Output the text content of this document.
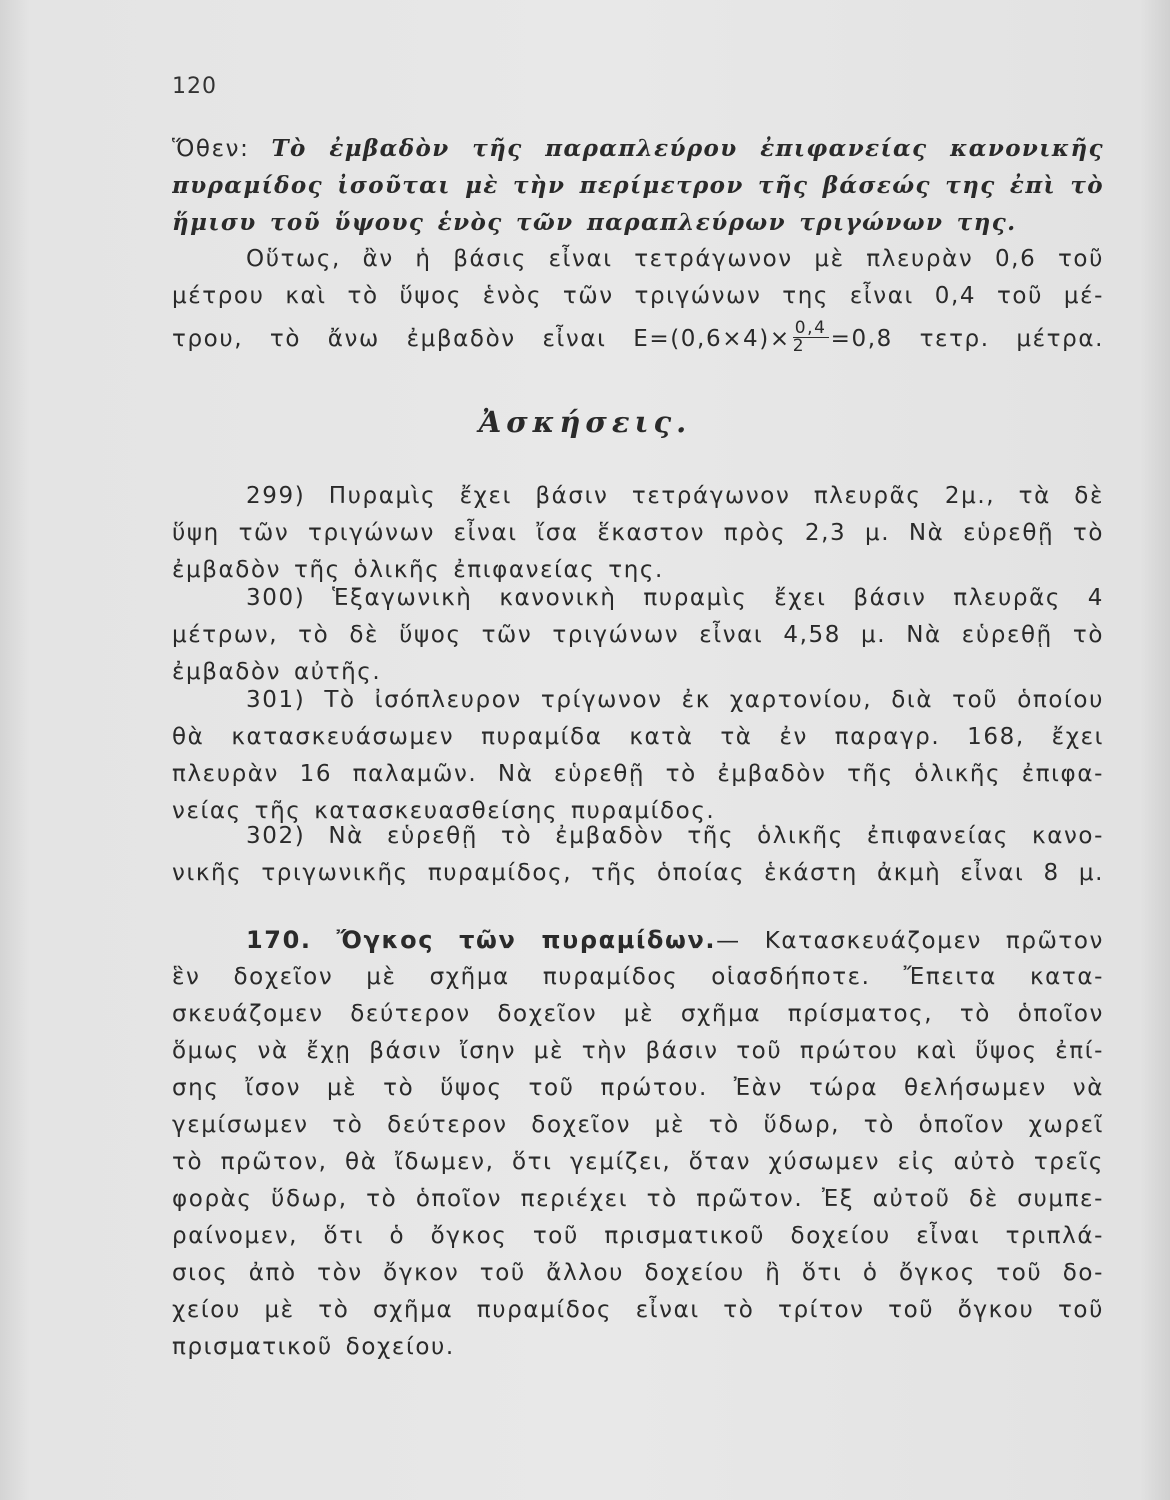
120
Ὅθεν: Τὸ ἐμβαδὸν τῆς παραπλεύρου ἐπιφανείας κανονικῆς
πυραμίδος ἰσοῦται μὲ τὴν περίμετρον τῆς βάσεώς της ἐπὶ τὸ
ἥμισυ τοῦ ὕψους ἑνὸς τῶν παραπλεύρων τριγώνων της.
Οὕτως, ἂν ἡ βάσις εἶναι τετράγωνον μὲ πλευρὰν 0,6 τοῦ
μέτρου καὶ τὸ ὕψος ἑνὸς τῶν τριγώνων της εἶναι 0,4 τοῦ μέ-
τρου, τὸ ἄνω ἐμβαδὸν εἶναι $E=(0,6\times 4)\times \frac{0,4}{2} =0,8$ τετρ. μέτρα.
Ἀσκήσεις.
299) Πυραμὶς ἔχει βάσιν τετράγωνον πλευρᾶς 2μ., τὰ δὲ
ὕψη τῶν τριγώνων εἶναι ἴσα ἕκαστον πρὸς 2,3 μ. Νὰ εὑρεθῇ τὸ
ἐμβαδὸν τῆς ὁλικῆς ἐπιφανείας της.
300) Ἑξαγωνικὴ κανονικὴ πυραμὶς ἔχει βάσιν πλευρᾶς 4
μέτρων, τὸ δὲ ὕψος τῶν τριγώνων εἶναι 4,58 μ. Νὰ εὑρεθῇ τὸ
ἐμβαδὸν αὐτῆς.
301) Τὸ ἰσόπλευρον τρίγωνον ἐκ χαρτονίου, διὰ τοῦ ὁποίου
θὰ κατασκευάσωμεν πυραμίδα κατὰ τὰ ἐν παραγρ. 168, ἔχει
πλευρὰν 16 παλαμῶν. Νὰ εὑρεθῇ τὸ ἐμβαδὸν τῆς ὁλικῆς ἐπιφα-
νείας τῆς κατασκευασθείσης πυραμίδος.
302) Νὰ εὑρεθῇ τὸ ἐμβαδὸν τῆς ὁλικῆς ἐπιφανείας κανο-
νικῆς τριγωνικῆς πυραμίδος, τῆς ὁποίας ἑκάστη ἀκμὴ εἶναι 8 μ.
170. Ὄγκος τῶν πυραμίδων.— Κατασκευάζομεν πρῶτον
ἓν δοχεῖον μὲ σχῆμα πυραμίδος οἱασδήποτε. Ἔπειτα κατα-
σκευάζομεν δεύτερον δοχεῖον μὲ σχῆμα πρίσματος, τὸ ὁποῖον
ὅμως νὰ ἔχῃ βάσιν ἴσην μὲ τὴν βάσιν τοῦ πρώτου καὶ ὕψος ἐπί-
σης ἴσον μὲ τὸ ὕψος τοῦ πρώτου. Ἐὰν τώρα θελήσωμεν νὰ
γεμίσωμεν τὸ δεύτερον δοχεῖον μὲ τὸ ὕδωρ, τὸ ὁποῖον χωρεῖ
τὸ πρῶτον, θὰ ἴδωμεν, ὅτι γεμίζει, ὅταν χύσωμεν εἰς αὐτὸ τρεῖς
φορὰς ὕδωρ, τὸ ὁποῖον περιέχει τὸ πρῶτον. Ἐξ αὐτοῦ δὲ συμπε-
ραίνομεν, ὅτι ὁ ὄγκος τοῦ πρισματικοῦ δοχείου εἶναι τριπλά-
σιος ἀπὸ τὸν ὄγκον τοῦ ἄλλου δοχείου ἢ ὅτι ὁ ὄγκος τοῦ δο-
χείου μὲ τὸ σχῆμα πυραμίδος εἶναι τὸ τρίτον τοῦ ὄγκου τοῦ
πρισματικοῦ δοχείου.
